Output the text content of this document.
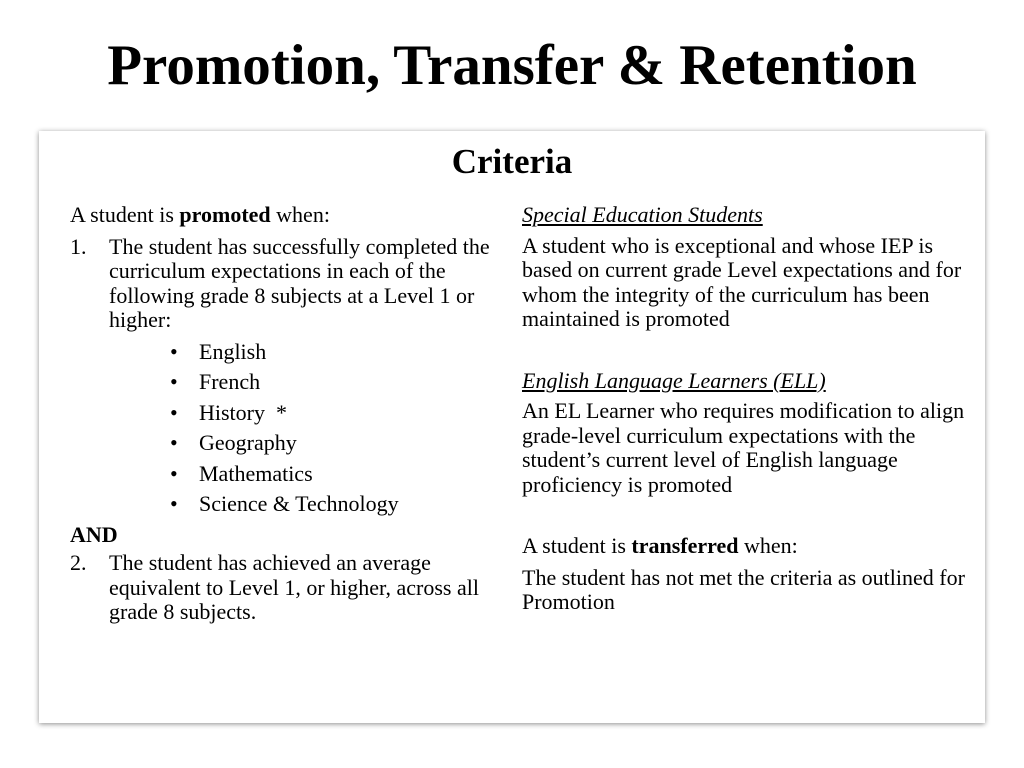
Promotion, Transfer & Retention
Criteria

A student is promoted when:

1. The student has successfully completed the curriculum expectations in each of the following grade 8 subjects at a Level 1 or higher:
• English
• French
• History  *
• Geography
• Mathematics
• Science & Technology

AND

2. The student has achieved an average equivalent to Level 1, or higher, across all grade 8 subjects.

Special Education Students

A student who is exceptional and whose IEP is based on current grade Level expectations and for whom the integrity of the curriculum has been maintained is promoted

English Language Learners (ELL)

An EL Learner who requires modification to align grade-level curriculum expectations with the student’s current level of English language proficiency is promoted

A student is transferred when:

The student has not met the criteria as outlined for Promotion
